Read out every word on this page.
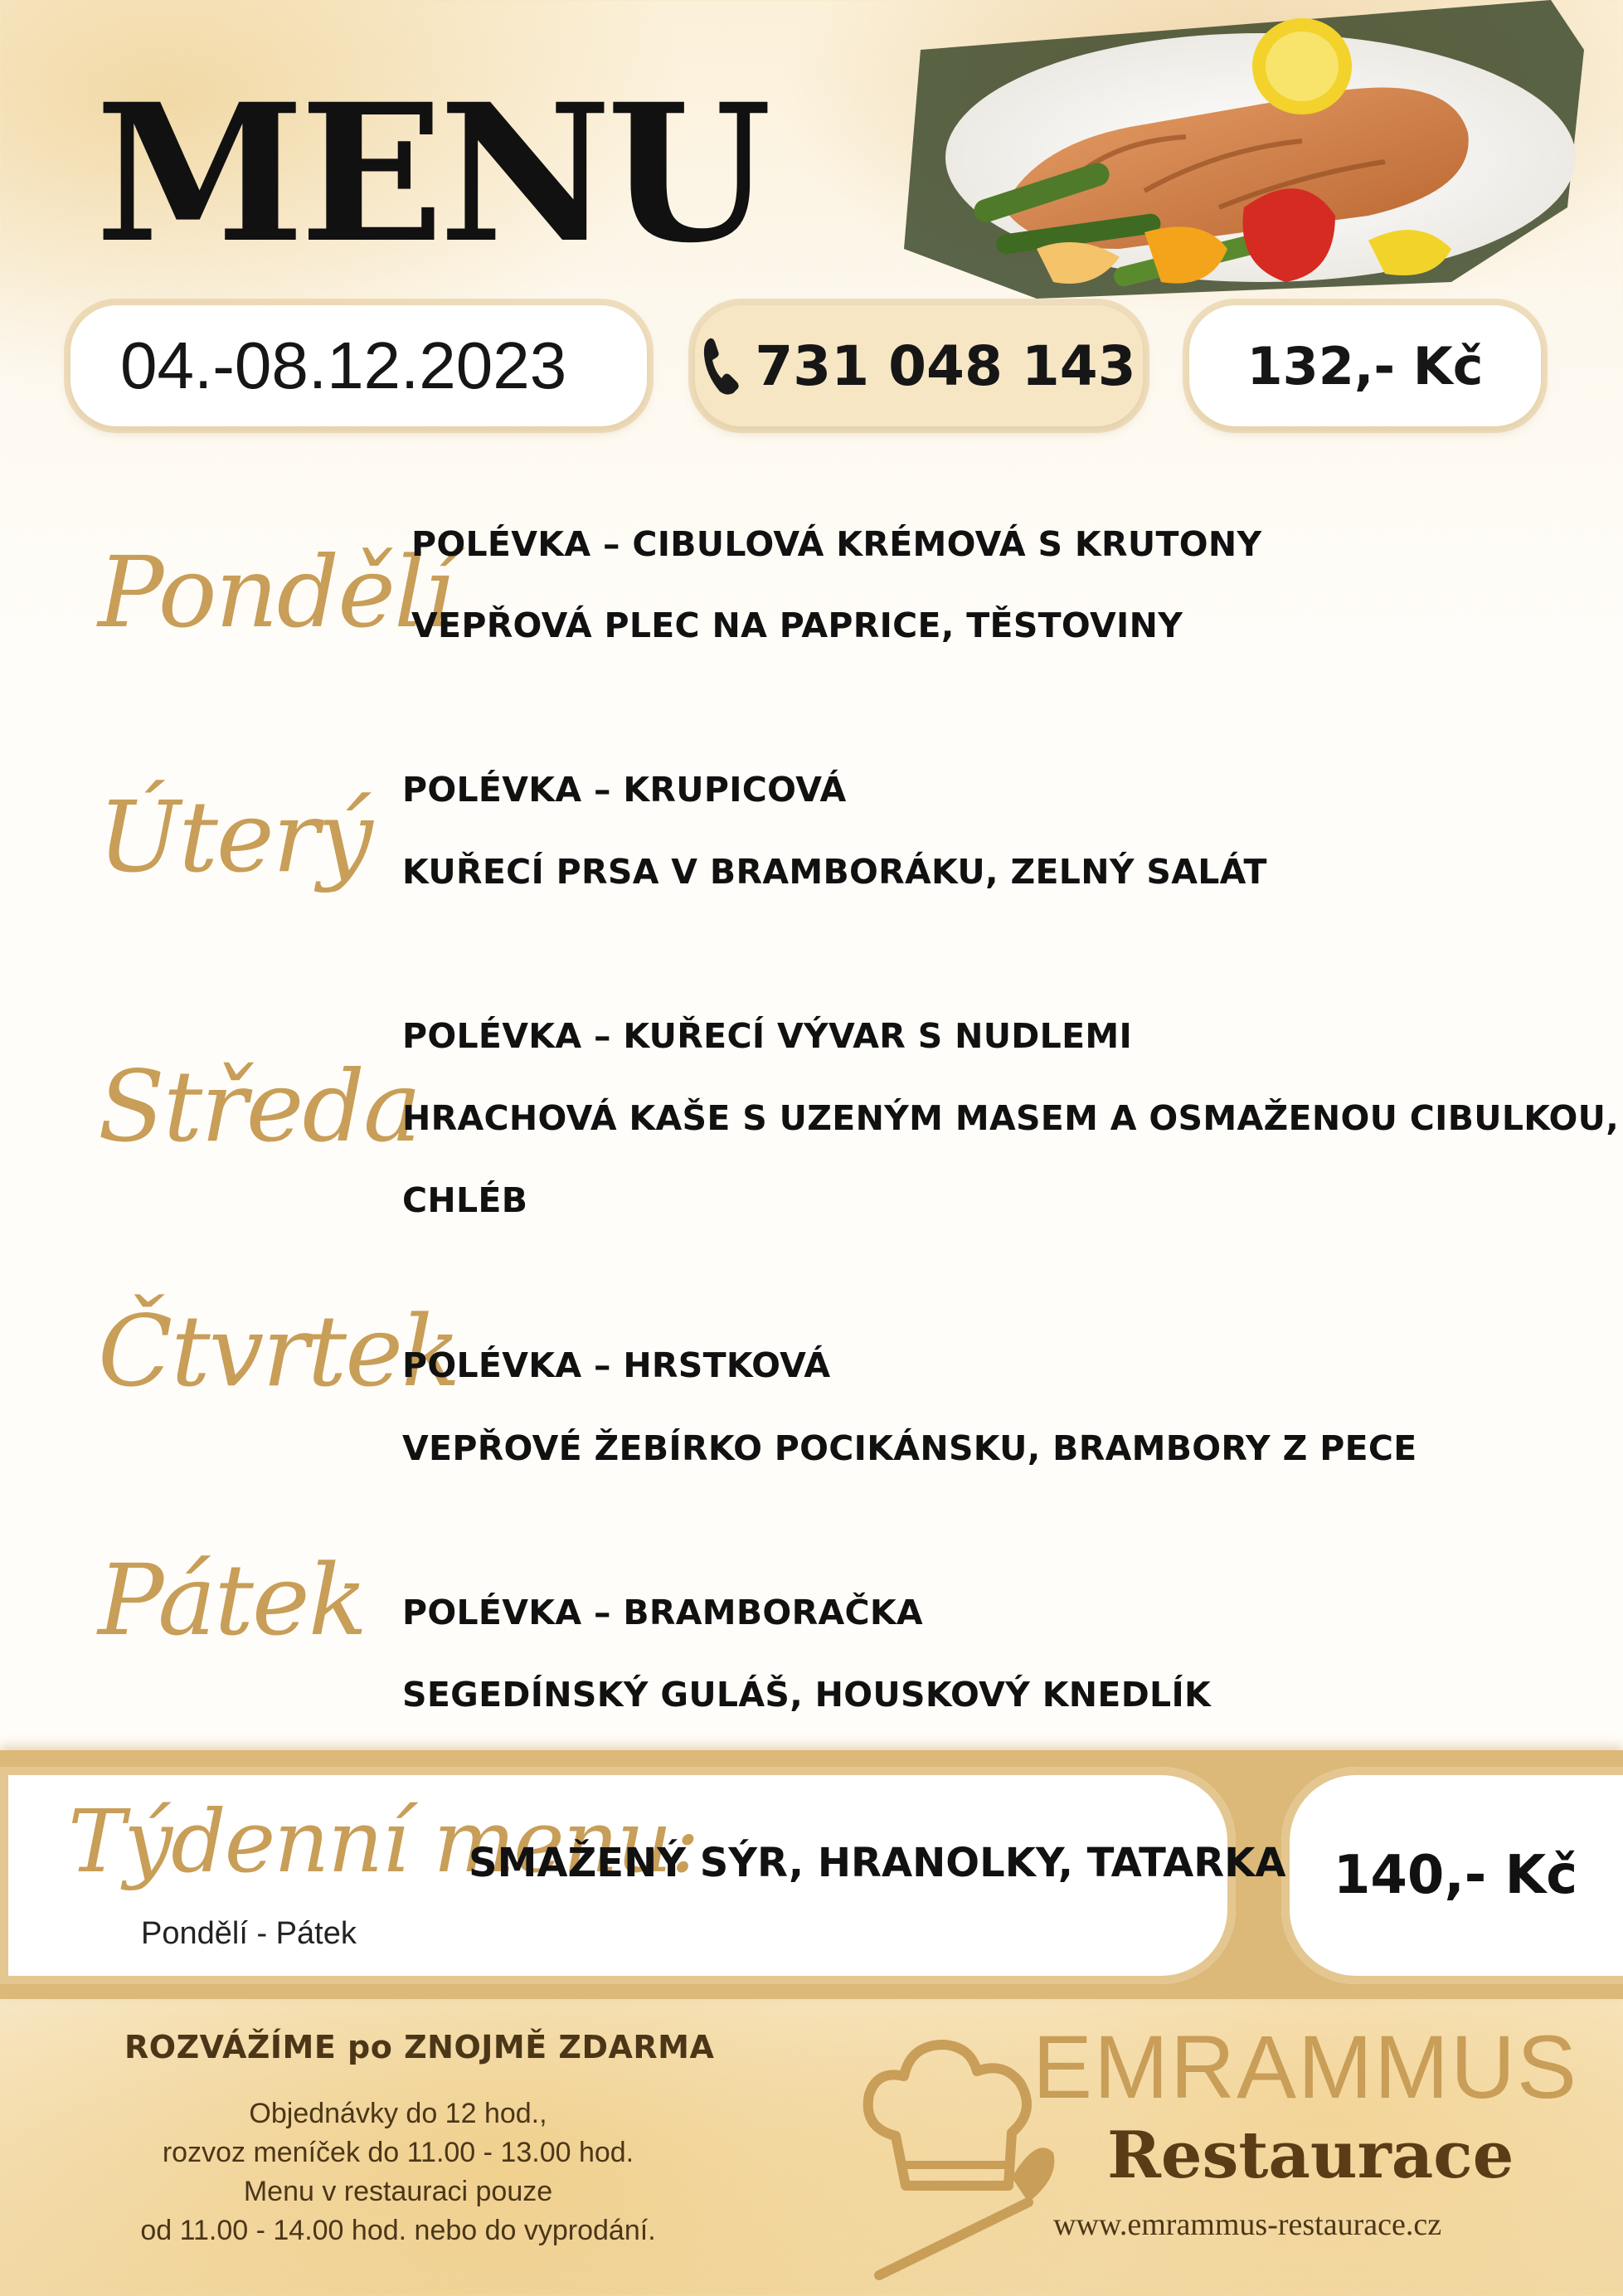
MENU
04.-08.12.2023	731 048 143 132,- Kč
Pondělí
POLÉVKA – CIBULOVÁ KRÉMOVÁ S KRUTONY
VEPŘOVÁ PLEC NA PAPRICE, TĚSTOVINY
Úterý POLÉVKA – KRUPICOVÁ
KUŘECÍ PRSA V BRAMBORÁKU, ZELNÝ SALÁT
Středa
POLÉVKA – KUŘECÍ VÝVAR S NUDLEMI
HRACHOVÁ KAŠE S UZENÝM MASEM A OSMAŽENOU CIBULKOU,
CHLÉB
Čtvrtek
POLÉVKA – HRSTKOVÁ
VEPŘOVÉ ŽEBÍRKO POCIKÁNSKU, BRAMBORY Z PECE
Pátek POLÉVKA – BRAMBORAČKA
SEGEDÍNSKÝ GULÁŠ, HOUSKOVÝ KNEDLÍK
140,- Kč
Týdenní menu:
Pondělí - Pátek
SMAŽENÝ SÝR, HRANOLKY, TATARKA
ROZVÁŽÍME po ZNOJMĚ ZDARMA
Objednávky do 12 hod.,
rozvoz meníček do 11.00 - 13.00 hod.
Menu v restauraci pouze
od 11.00 - 14.00 hod. nebo do vyprodání.
EMRAMMUS
Restaurace
www.emrammus-restaurace.cz
